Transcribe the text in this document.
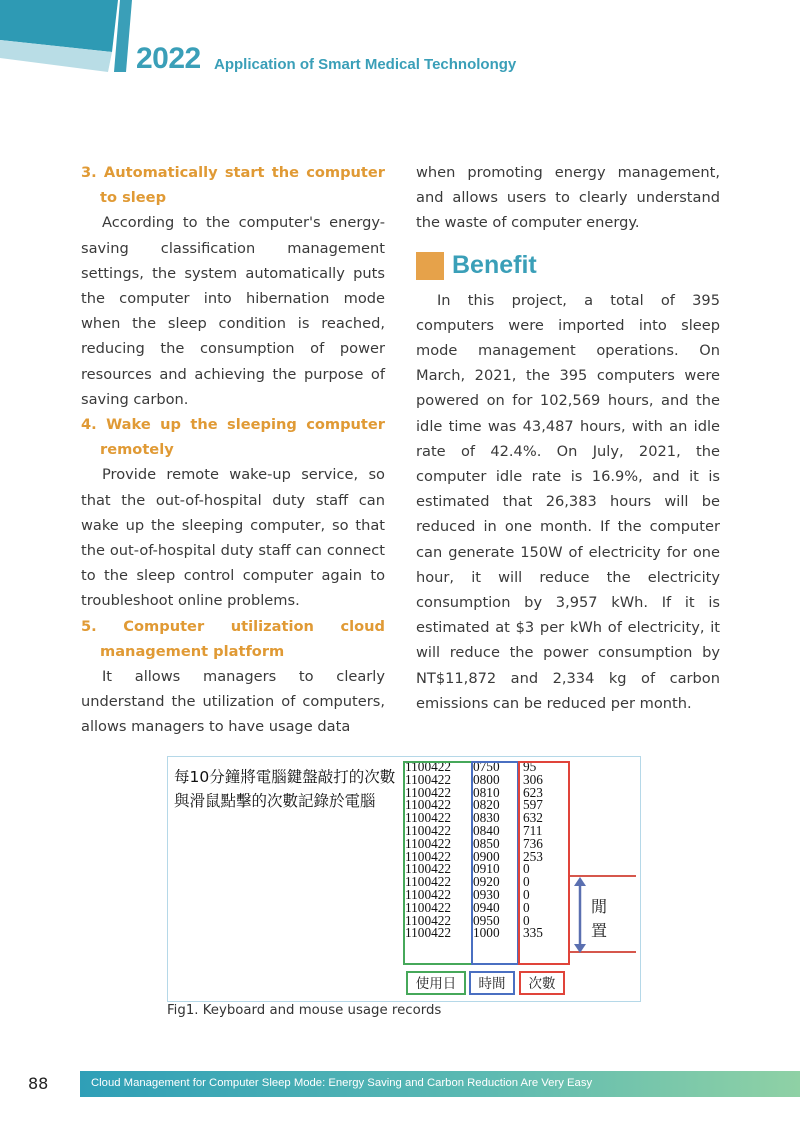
2022 Application of Smart Medical Technolongy

3. Automatically start the computer to sleep

According to the computer's energy-saving classification management settings, the system automatically puts the computer into hibernation mode when the sleep condition is reached, reducing the consumption of power resources and achieving the purpose of saving carbon.

4. Wake up the sleeping computer remotely

Provide remote wake-up service, so that the out-of-hospital duty staff can wake up the sleeping computer, so that the out-of-hospital duty staff can connect to the sleep control computer again to troubleshoot online problems.

5. Computer utilization cloud management platform

It allows managers to clearly understand the utilization of computers, allows managers to have usage data

when promoting energy management, and allows users to clearly understand the waste of computer energy.

Benefit

In this project, a total of 395 computers were imported into sleep mode management operations. On March, 2021, the 395 computers were powered on for 102,569 hours, and the idle time was 43,487 hours, with an idle rate of 42.4%. On July, 2021, the computer idle rate is 16.9%, and it is estimated that 26,383 hours will be reduced in one month. If the computer can generate 150W of electricity for one hour, it will reduce the electricity consumption by 3,957 kWh. If it is estimated at $3 per kWh of electricity, it will reduce the power consumption by NT$11,872 and 2,334 kg of carbon emissions can be reduced per month.

每10分鐘將電腦鍵盤敲打的次數與滑鼠點擊的次數記錄於電腦

1100422	0750	95
1100422	0800	306
1100422	0810	623
1100422	0820	597
1100422	0830	632
1100422	0840	711
1100422	0850	736
1100422	0900	253
1100422	0910	0
1100422	0920	0
1100422	0930	0
1100422	0940	0
1100422	0950	0
1100422	1000	335
閒置
使用日	時間	次數
Fig1. Keyboard and mouse usage records
88	Cloud Management for Computer Sleep Mode: Energy Saving and Carbon Reduction Are Very Easy
